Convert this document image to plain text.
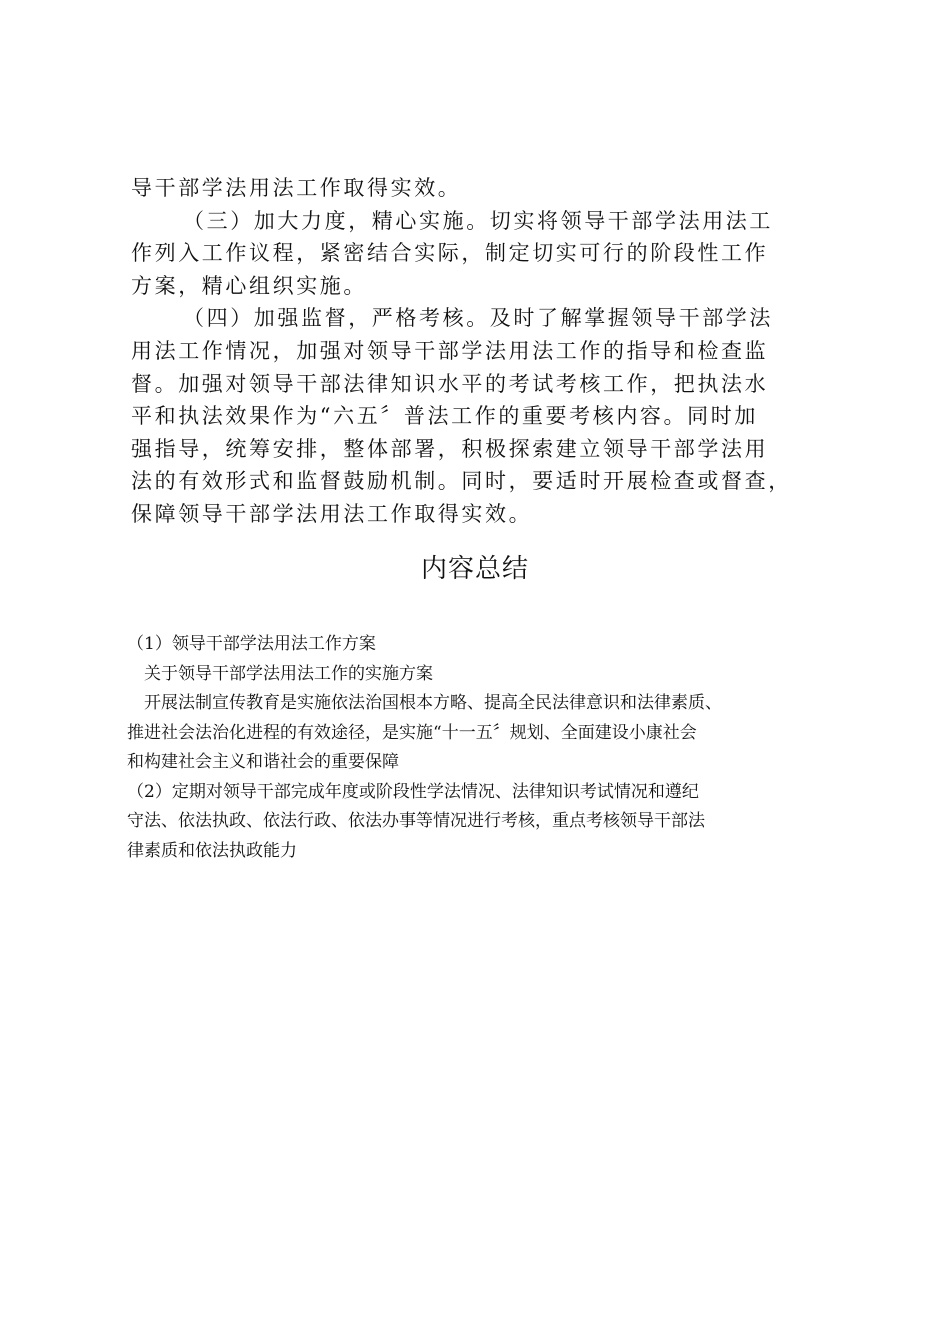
导干部学法用法工作取得实效。
（三）加大力度，精心实施。切实将领导干部学法用法工
作列入工作议程，紧密结合实际，制定切实可行的阶段性工作
方案，精心组织实施。
（四）加强监督，严格考核。及时了解掌握领导干部学法
用法工作情况，加强对领导干部学法用法工作的指导和检查监
督。加强对领导干部法律知识水平的考试考核工作，把执法水
平和执法效果作为“六五〞普法工作的重要考核内容。同时加
强指导，统筹安排，整体部署，积极探索建立领导干部学法用
法的有效形式和监督鼓励机制。同时，要适时开展检查或督查，
保障领导干部学法用法工作取得实效。
内容总结
（1）领导干部学法用法工作方案
关于领导干部学法用法工作的实施方案
开展法制宣传教育是实施依法治国根本方略、提高全民法律意识和法律素质、
推进社会法治化进程的有效途径，是实施“十一五〞规划、全面建设小康社会
和构建社会主义和谐社会的重要保障
（2）定期对领导干部完成年度或阶段性学法情况、法律知识考试情况和遵纪
守法、依法执政、依法行政、依法办事等情况进行考核，重点考核领导干部法
律素质和依法执政能力
